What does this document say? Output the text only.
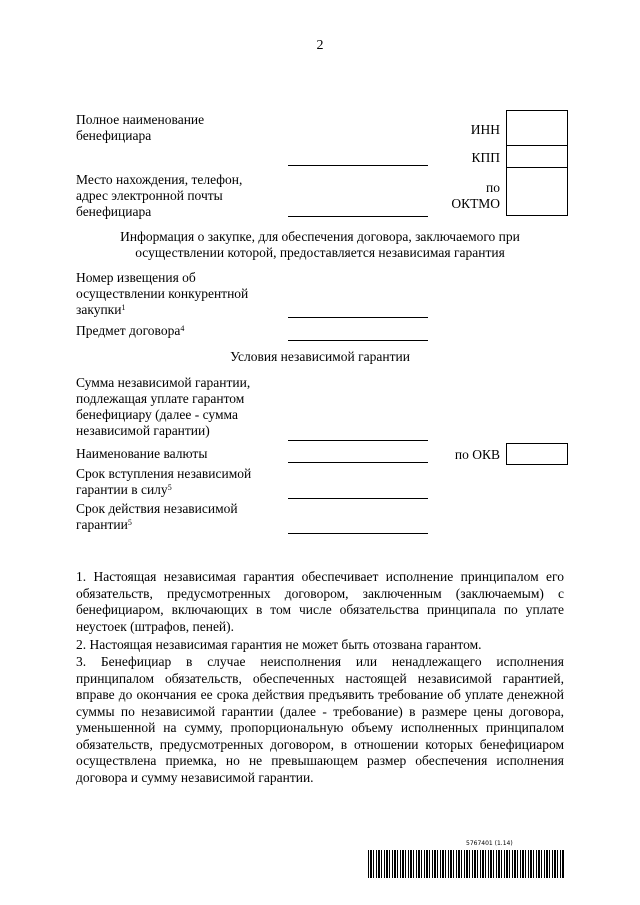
2
Полное наименование бенефициара	ИНН
КПП
по
ОКТМО
Место нахождения, телефон, адрес электронной почты бенефициара
Информация о закупке, для обеспечения договора, заключаемого при осуществлении которой, предоставляется независимая гарантия
Номер извещения об осуществлении конкурентной закупки$^1$
Предмет договора$^4$
Условия независимой гарантии
Сумма независимой гарантии, подлежащая уплате гарантом бенефициару (далее - сумма независимой гарантии)
Наименование валюты	по ОКВ
Срок вступления независимой гарантии в силу$^5$
Срок действия независимой гарантии$^5$
1. Настоящая независимая гарантия обеспечивает исполнение принципалом его обязательств, предусмотренных договором, заключенным (заключаемым) с бенефициаром, включающих в том числе обязательства принципала по уплате неустоек (штрафов, пеней).
2. Настоящая независимая гарантия не может быть отозвана гарантом.
3. Бенефициар в случае неисполнения или ненадлежащего исполнения принципалом обязательств, обеспеченных настоящей независимой гарантией, вправе до окончания ее срока действия предъявить требование об уплате денежной суммы по независимой гарантии (далее - требование) в размере цены договора, уменьшенной на сумму, пропорциональную объему исполненных принципалом обязательств, предусмотренных договором, в отношении которых бенефициаром осуществлена приемка, но не превышающем размер обеспечения исполнения договора и сумму независимой гарантии.
5767401 (1.14)
